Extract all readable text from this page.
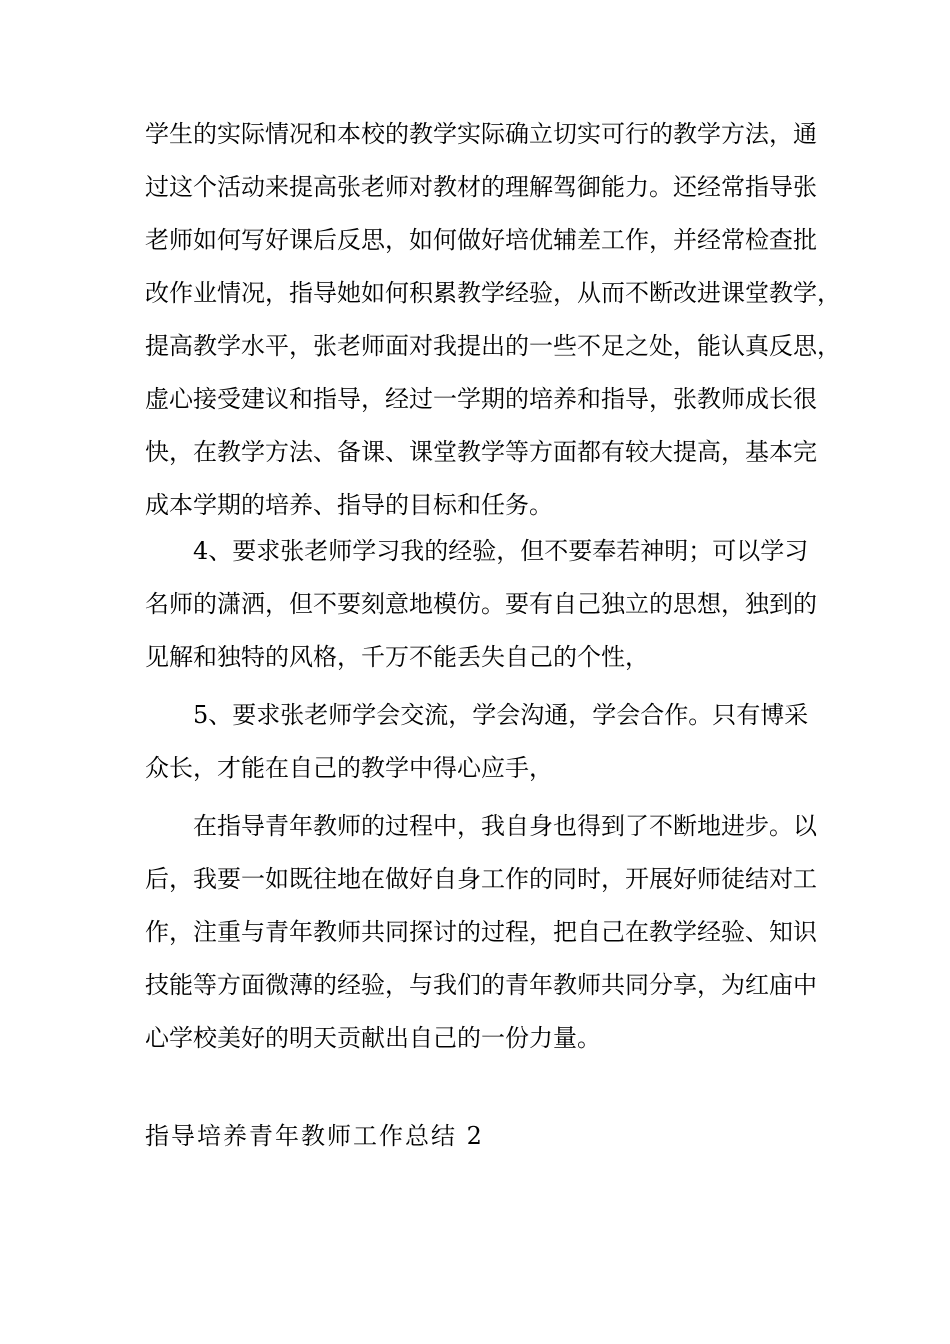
学生的实际情况和本校的教学实际确立切实可行的教学方法，通
过这个活动来提高张老师对教材的理解驾御能力。还经常指导张
老师如何写好课后反思，如何做好培优辅差工作，并经常检查批
改作业情况，指导她如何积累教学经验，从而不断改进课堂教学，
提高教学水平，张老师面对我提出的一些不足之处，能认真反思，
虚心接受建议和指导，经过一学期的培养和指导，张教师成长很
快，在教学方法、备课、课堂教学等方面都有较大提高，基本完
成本学期的培养、指导的目标和任务。
4、要求张老师学习我的经验，但不要奉若神明；可以学习
名师的潇洒，但不要刻意地模仿。要有自己独立的思想，独到的
见解和独特的风格，千万不能丢失自己的个性，
5、要求张老师学会交流，学会沟通，学会合作。只有博采
众长，才能在自己的教学中得心应手，
在指导青年教师的过程中，我自身也得到了不断地进步。以
后，我要一如既往地在做好自身工作的同时，开展好师徒结对工
作，注重与青年教师共同探讨的过程，把自己在教学经验、知识
技能等方面微薄的经验，与我们的青年教师共同分享，为红庙中
心学校美好的明天贡献出自己的一份力量。
指导培养青年教师工作总结 2
